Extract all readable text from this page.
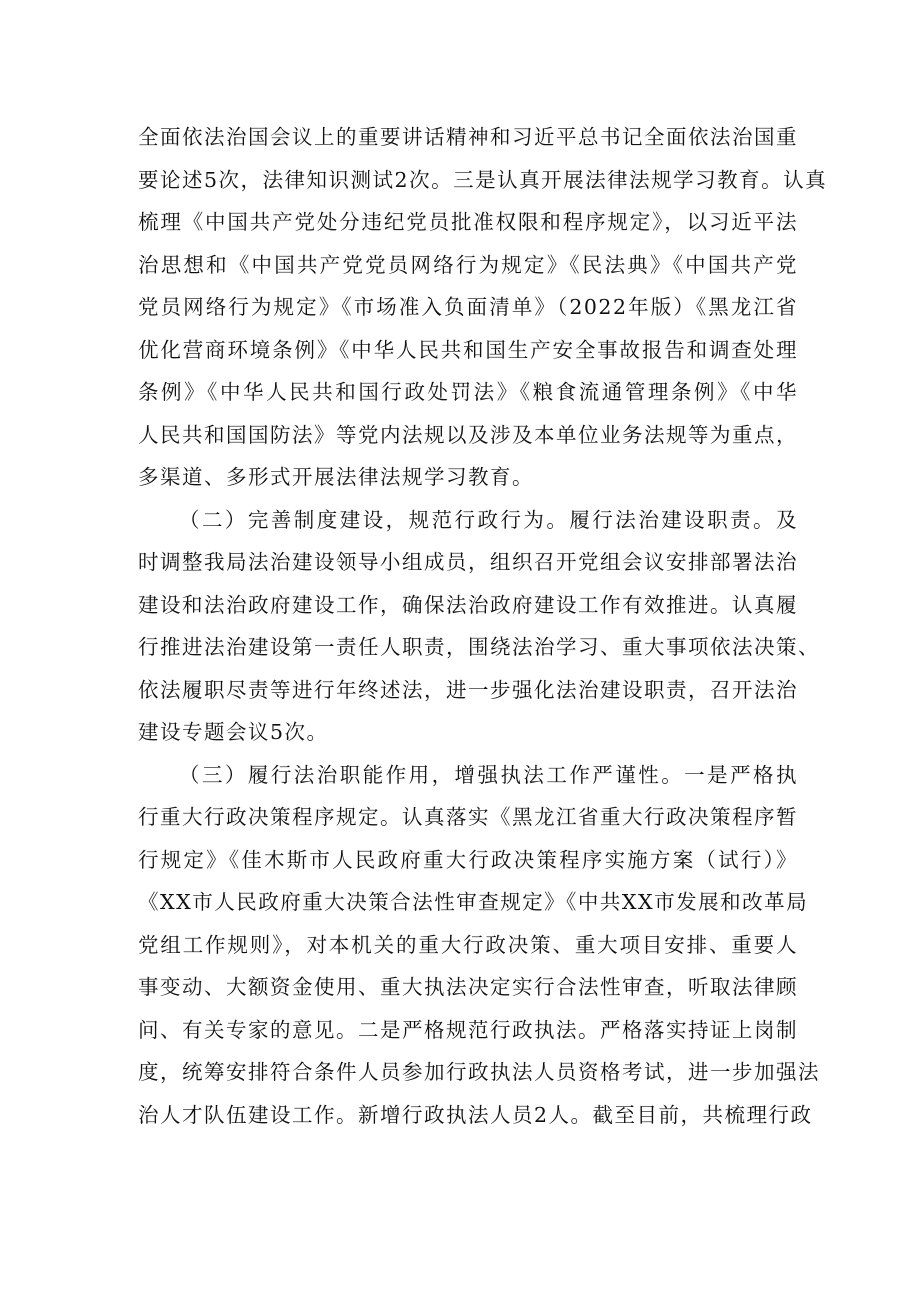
全面依法治国会议上的重要讲话精神和习近平总书记全面依法治国重
要论述5次，法律知识测试2次。三是认真开展法律法规学习教育。认真
梳理《中国共产党处分违纪党员批准权限和程序规定》，以习近平法
治思想和《中国共产党党员网络行为规定》《民法典》《中国共产党
党员网络行为规定》《市场准入负面清单》（2022年版）《黑龙江省
优化营商环境条例》《中华人民共和国生产安全事故报告和调查处理
条例》《中华人民共和国行政处罚法》《粮食流通管理条例》《中华
人民共和国国防法》等党内法规以及涉及本单位业务法规等为重点，
多渠道、多形式开展法律法规学习教育。
（二）完善制度建设，规范行政行为。履行法治建设职责。及
时调整我局法治建设领导小组成员，组织召开党组会议安排部署法治
建设和法治政府建设工作，确保法治政府建设工作有效推进。认真履
行推进法治建设第一责任人职责，围绕法治学习、重大事项依法决策、
依法履职尽责等进行年终述法，进一步强化法治建设职责，召开法治
建设专题会议5次。
（三）履行法治职能作用，增强执法工作严谨性。一是严格执
行重大行政决策程序规定。认真落实《黑龙江省重大行政决策程序暂
行规定》《佳木斯市人民政府重大行政决策程序实施方案（试行）》
《XX市人民政府重大决策合法性审查规定》《中共XX市发展和改革局
党组工作规则》，对本机关的重大行政决策、重大项目安排、重要人
事变动、大额资金使用、重大执法决定实行合法性审查，听取法律顾
问、有关专家的意见。二是严格规范行政执法。严格落实持证上岗制
度，统筹安排符合条件人员参加行政执法人员资格考试，进一步加强法
治人才队伍建设工作。新增行政执法人员2人。截至目前，共梳理行政
